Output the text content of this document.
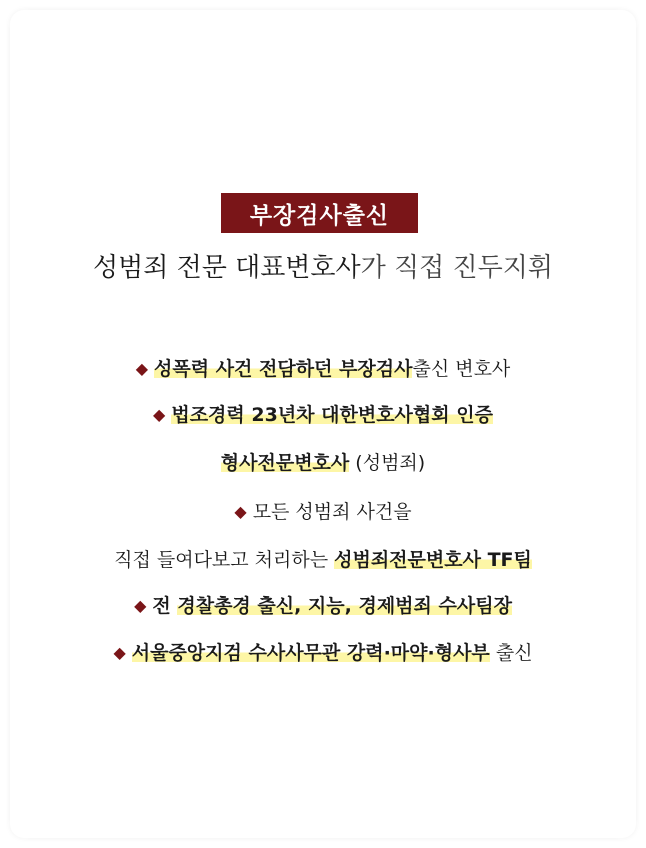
부장검사출신
성범죄 전문 대표변호사가 직접 진두지휘
◆ 성폭력 사건 전담하던 부장검사출신 변호사
◆ 법조경력 23년차 대한변호사협회 인증
형사전문변호사 (성범죄)
◆ 모든 성범죄 사건을
직접 들여다보고 처리하는 성범죄전문변호사 TF팀
◆ 전 경찰총경 출신, 지능, 경제범죄 수사팀장
◆ 서울중앙지검 수사사무관 강력·마약·형사부 출신
